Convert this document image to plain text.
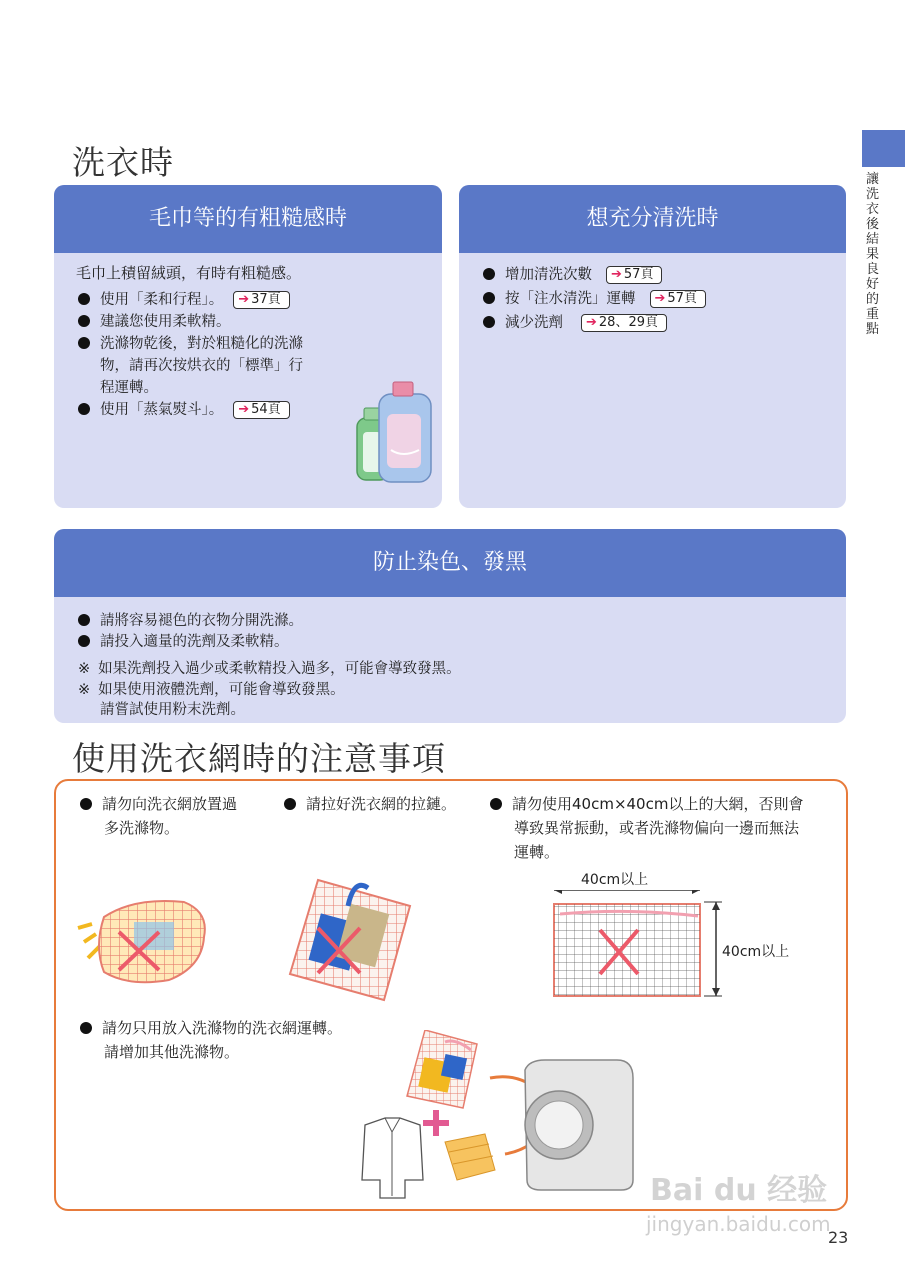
讓洗衣後結果良好的重點
洗衣時
毛巾等的有粗糙感時
毛巾上積留絨頭，有時有粗糙感。
使用「柔和行程」。 ➔ 37頁
建議您使用柔軟精。
洗滌物乾後，對於粗糙化的洗滌
物，請再次按烘衣的「標準」行
程運轉。
使用「蒸氣熨斗」。 ➔ 54頁
想充分清洗時
增加清洗次數 ➔ 57頁
按「注水清洗」運轉 ➔ 57頁
減少洗劑 ➔ 28、29頁
防止染色、發黑
請將容易褪色的衣物分開洗滌。
請投入適量的洗劑及柔軟精。
※ 如果洗劑投入過少或柔軟精投入過多，可能會導致發黑。
※ 如果使用液體洗劑，可能會導致發黑。
請嘗試使用粉末洗劑。
使用洗衣網時的注意事項
請勿向洗衣網放置過
多洗滌物。
請拉好洗衣網的拉鏈。	請勿使用40cm×40cm以上的大網，否則會
導致異常振動，或者洗滌物偏向一邊而無法
運轉。
40cm以上
40cm以上
請勿只用放入洗滌物的洗衣網運轉。
請增加其他洗滌物。
Bai du 经验
jingyan.baidu.com
23
